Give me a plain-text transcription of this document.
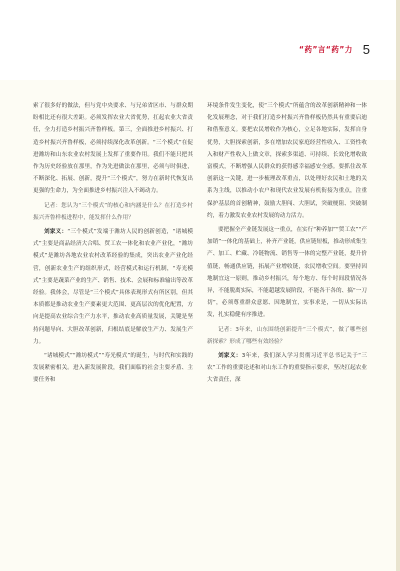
“药”言“药”力 5

索了很多好的做法，但与党中央要求、与兄弟省区市、与群众期盼相比还有很大差距。必须发挥农业大省优势，扛起农业大省责任，全力打造乡村振兴齐鲁样板。第三，全面推进乡村振兴、打造乡村振兴齐鲁样板，必须持续深化改革创新。“三个模式”在促进潍坊和山东农业农村发展上发挥了重要作用。我们不能只把其作为历史经验放在那里，作为先进做法在那里，必须与时俱进，不断深化、拓展、创新，提升“三个模式”，努力在新时代恢复出更强的生命力，为全面推进乡村振兴注入不竭动力。

记者：您认为“三个模式”的核心和内涵是什么？在打造乡村振兴齐鲁样板进程中，能发挥什么作用？

刘家义：“三个模式”发端于潍坊人民的创新创造，“诸城模式”主要是商品经济大合唱、贸工农一体化和农业产业化，“潍坊模式”是潍坊各地农业农村改革经验的集成，突出农业产业化经营，创新农业生产的组织形式，经营模式和运行机制，“寿光模式”主要是蔬菜产业的生产、销售、技术、会展和标准输出等改革经验。我体会，尽管是“三个模式”具体表现形式有所区别，但其本质都是推动农业生产要素更大范围、更高层次的优化配置，方向是提高农业综合生产力水平，推动农业高质量发展，关键是坚持问题导向、大胆改革创新，归根结底是解放生产力、发展生产力。

“诸城模式”“潍坊模式”“寿光模式”的诞生，与时代和实践的发展紧密相关。进入新发展阶段，我们面临的社会主要矛盾、主要任务和

环境条件发生变化，使“三个模式”所蕴含的改革创新精神和一体化发展理念，对于我们打造乡村振兴齐鲁样板仍然具有重要启迪和借鉴意义。要把农民增收作为核心，立足各地实际，发挥自身优势，大胆探索创新，多在增加农民家庭经营性收入、工资性收入和财产性收入上做文章，探索多渠道、可持续、长效化增收致富模式，不断增强人民群众的获得感幸福感安全感。要抓住改革创新这一关键，进一步梳理改革重点，以处理好农民和土地的关系为主线，以推动小农户和现代农业发展有机衔接为重点，注重保护基层的首创精神，鼓励大胆闯、大胆试，突破梗阻、突破制约，着力激发农业农村发展的动力活力。

要把握全产业链发展这一重点，在实行“种养加”“贸工农”“产加销”一体化的基础上，补齐产业链，供应链短板，推动形成集生产、加工、贮藏、冷链物流、销售等一体的完整产业链，提升价值链，畅通供应链，拓展产业增收链，农民增收空间。要坚持因地制宜这一原则，推动乡村振兴，每个地方、每个时间段情况各异，不能脱离实际，不能超越发展阶段，不能各干各的、搞“一刀切”，必须尊重群众意愿、因地制宜，实事求是，一切从实际出发，扎实稳健有序推进。

记者：3年来，山东围绕创新提升“三个模式”，做了哪些创新探索？形成了哪些有效经验？

刘家义：3年来，我们深入学习贯彻习近平总书记关于“三农”工作的重要论述和对山东工作的重要指示要求，坚决扛起农业大省责任，深
